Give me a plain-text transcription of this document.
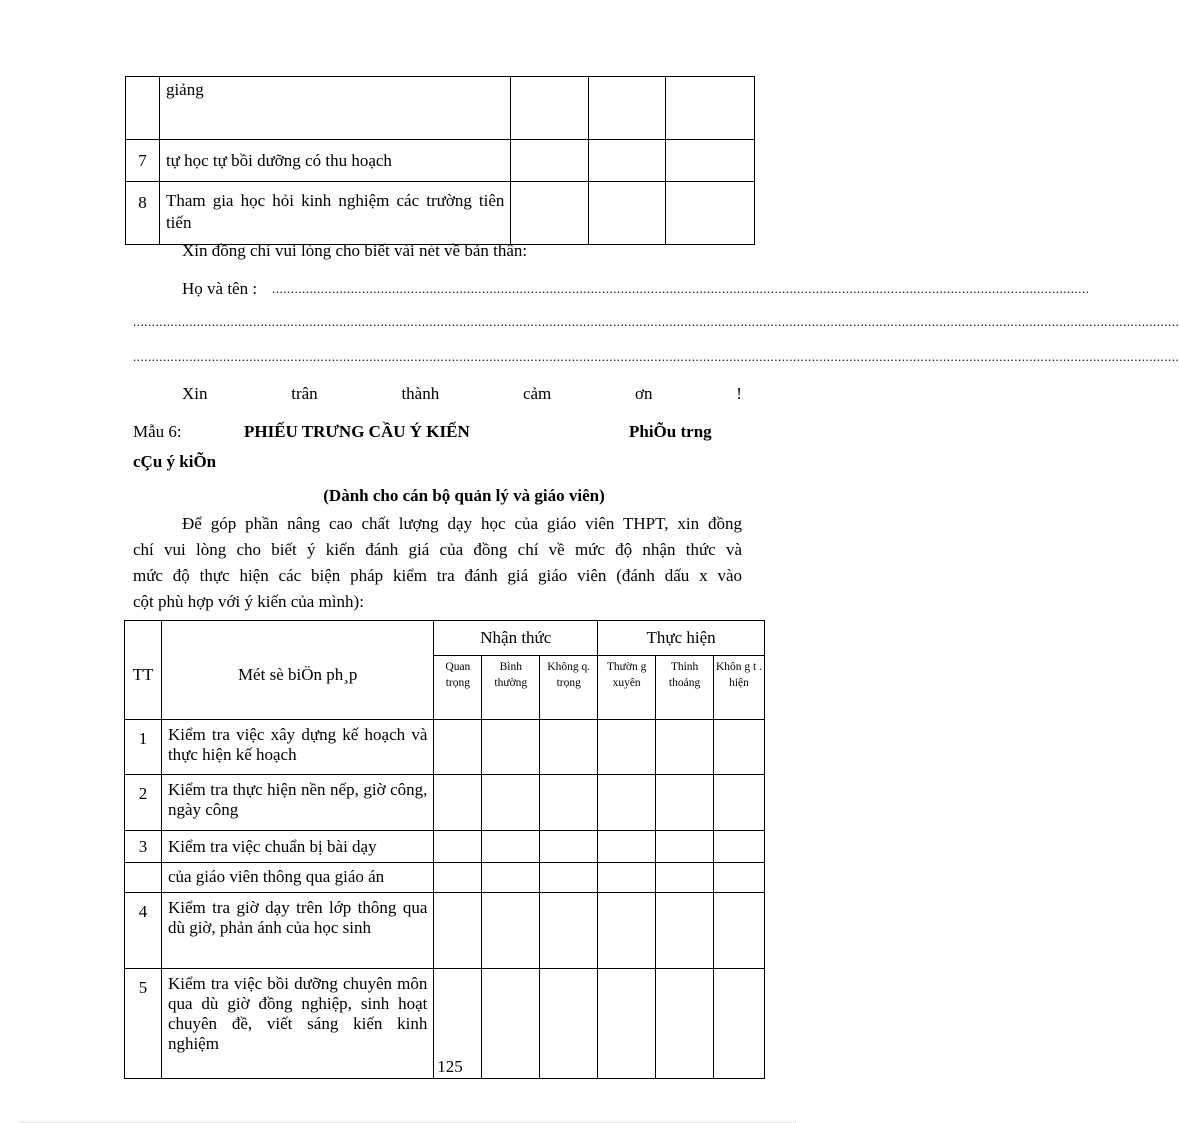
	giảng			
7	tự học tự bồi dưỡng có thu hoạch			
8	Tham gia học hỏi kinh nghiệm các trường tiên tiến			
Xin đồng chí vui lòng cho biết vài nét về bản thân:
Họ và tên : ..........................................................................................................................................................................................................................
.......................................................................................................................................................................................................................................................................................
.......................................................................................................................................................................................................................................................................................
Xin	trân	thành	cảm	ơn	!
Mẫu 6:	PHIẾU TRƯNG CẦU Ý KIẾN	PhiÕu trng
cÇu ý kiÕn
(Dành cho cán bộ quản lý và giáo viên)
Để góp phần nâng cao chất lượng dạy học của giáo viên THPT, xin đồng
chí vui lòng cho biết ý kiến đánh giá của đồng chí về mức độ nhận thức và
mức độ thực hiện các biện pháp kiểm tra đánh giá giáo viên (đánh dấu x vào
cột phù hợp với ý kiến của mình):
TT	Mét sè biÖn ph¸p	Nhận thức			Thực hiện		
		Quan trọng	Bình thường	Không q. trọng	Thườn g xuyên	Thỉnh thoảng	Khôn g t . hiện
1	Kiểm tra việc xây dựng kế hoạch và thực hiện kế hoạch						
2	Kiểm tra thực hiện nền nếp, giờ công, ngày công						
3	Kiểm tra việc chuẩn bị bài dạy						
	của giáo viên thông qua giáo án						
4	Kiểm tra giờ dạy trên lớp thông qua dù giờ, phản ánh của học sinh						
5	Kiểm tra việc bồi dưỡng chuyên môn qua dù giờ đồng nghiệp, sinh hoạt chuyên đề, viết sáng kiến kinh nghiệm						
125
